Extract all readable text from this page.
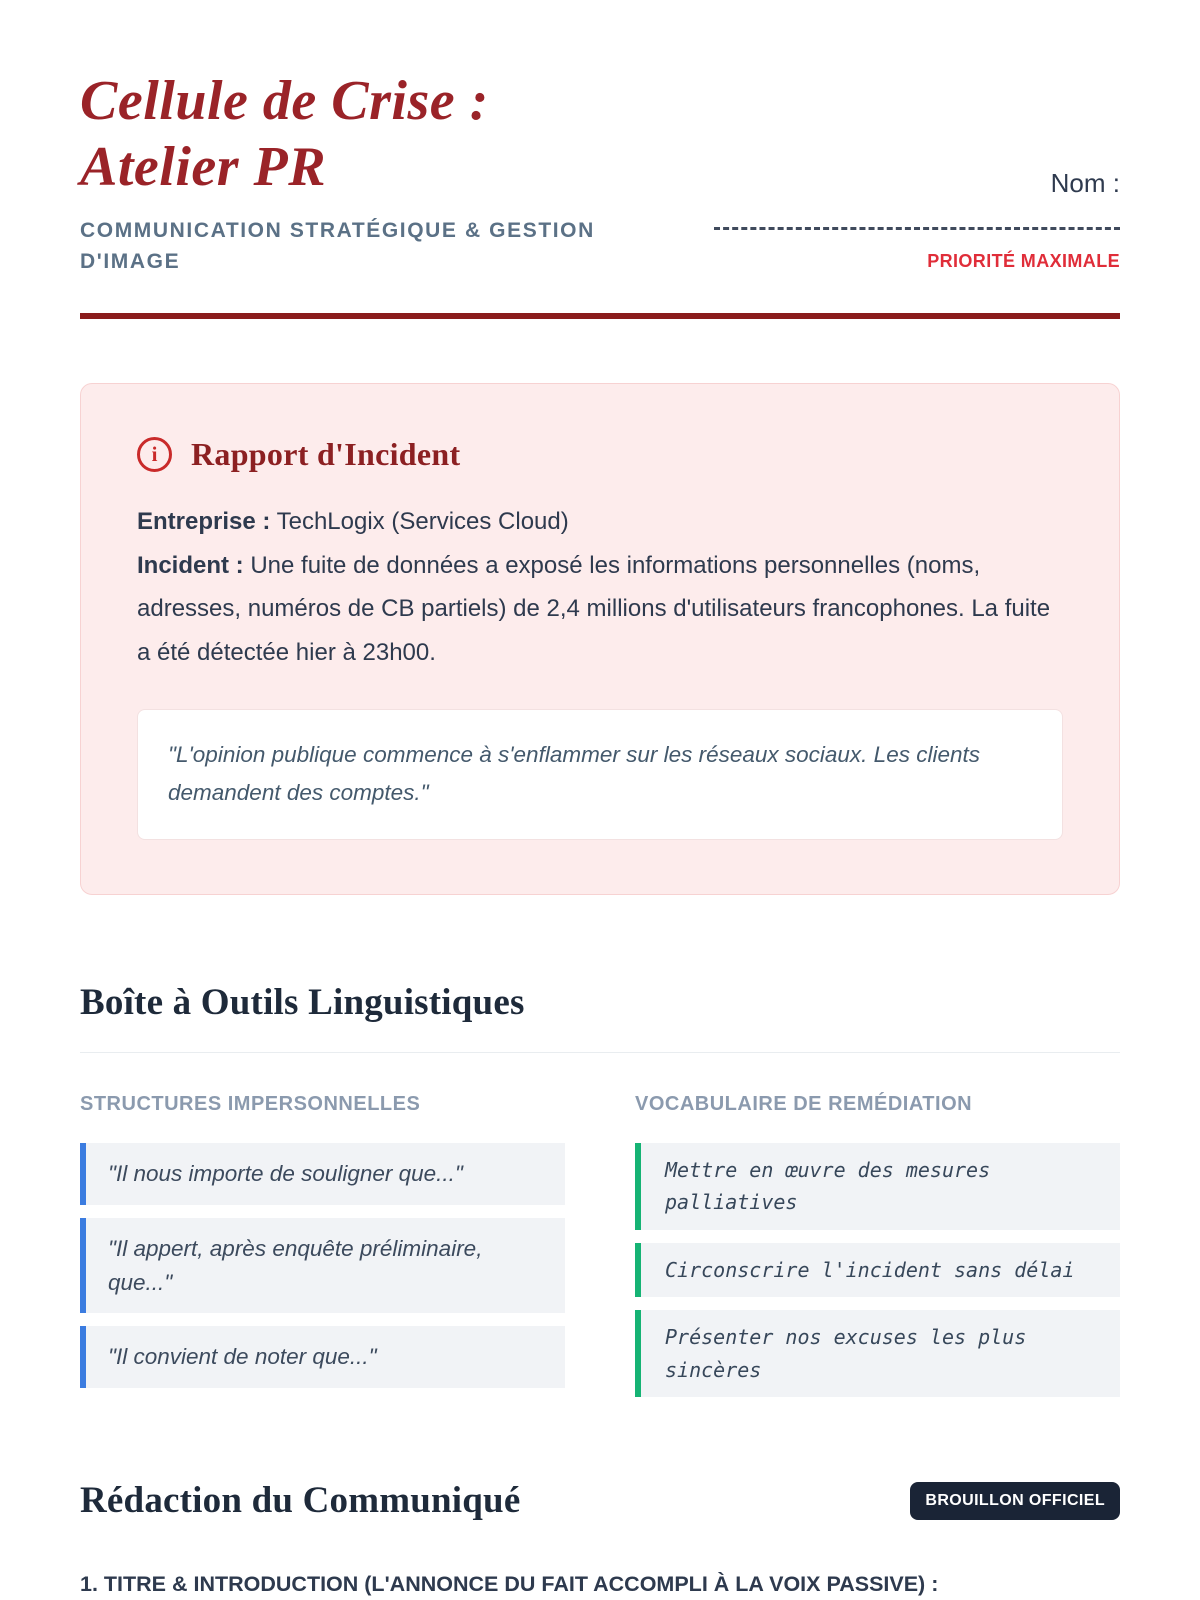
Cellule de Crise :
Atelier PR
COMMUNICATION STRATÉGIQUE & GESTION D'IMAGE
Nom :
PRIORITÉ MAXIMALE
i	Rapport d'Incident
Entreprise : TechLogix (Services Cloud)
Incident : Une fuite de données a exposé les informations personnelles (noms, adresses, numéros de CB partiels) de 2,4 millions d'utilisateurs francophones. La fuite a été détectée hier à 23h00.
"L'opinion publique commence à s'enflammer sur les réseaux sociaux. Les clients demandent des comptes."
Boîte à Outils Linguistiques
STRUCTURES IMPERSONNELLES
"Il nous importe de souligner que..."
"Il appert, après enquête préliminaire, que..."
"Il convient de noter que..."
VOCABULAIRE DE REMÉDIATION
Mettre en œuvre des mesures palliatives
Circonscrire l'incident sans délai
Présenter nos excuses les plus sincères
Rédaction du Communiqué	BROUILLON OFFICIEL
1. TITRE & INTRODUCTION (L'ANNONCE DU FAIT ACCOMPLI À LA VOIX PASSIVE) :
